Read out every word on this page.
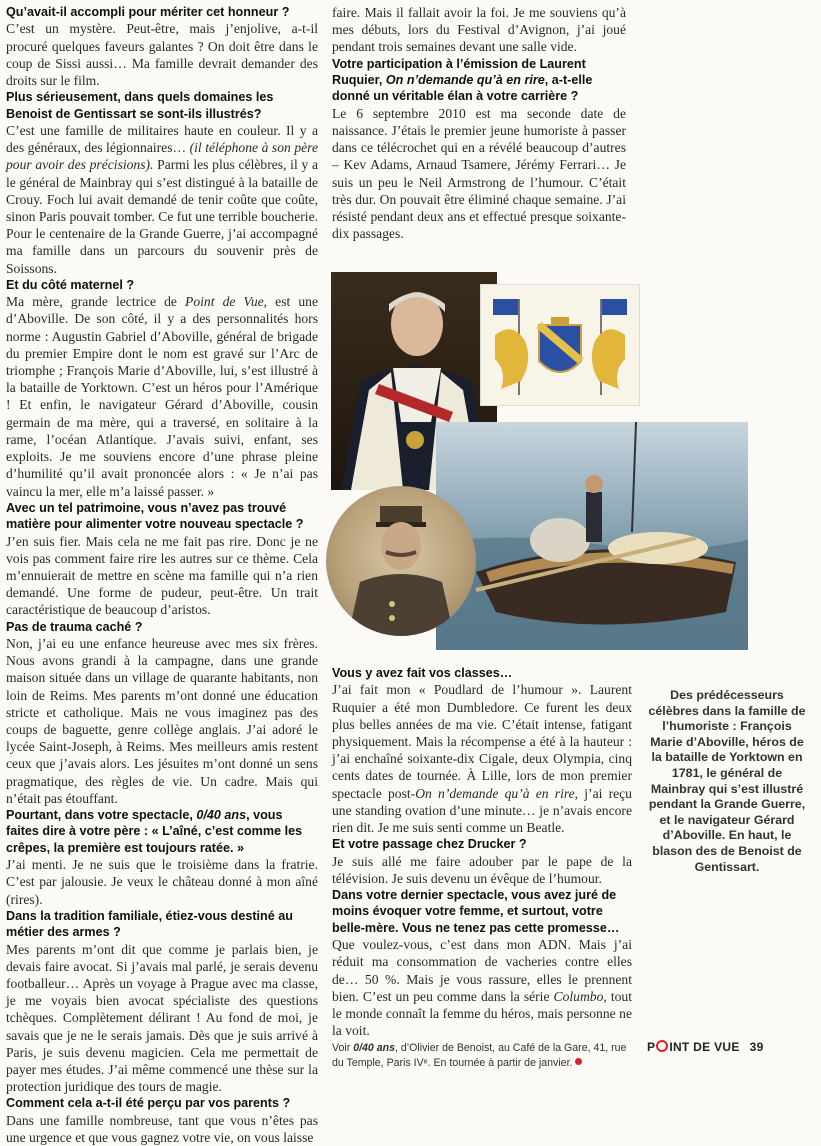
Qu’avait-il accompli pour mériter cet honneur ?

C’est un mystère. Peut-être, mais j’enjolive, a-t-il procuré quelques faveurs galantes ? On doit être dans le coup de Sissi aussi… Ma famille devrait demander des droits sur le film.

Plus sérieusement, dans quels domaines les Benoist de Gentissart se sont-ils illustrés?

C’est une famille de militaires haute en couleur. Il y a des généraux, des légionnaires… (il téléphone à son père pour avoir des précisions). Parmi les plus célèbres, il y a le général de Mainbray qui s’est distingué à la bataille de Crouy. Foch lui avait demandé de tenir coûte que coûte, sinon Paris pouvait tomber. Ce fut une terrible boucherie. Pour le centenaire de la Grande Guerre, j’ai accompagné ma famille dans un parcours du souvenir près de Soissons.

Et du côté maternel ?

Ma mère, grande lectrice de Point de Vue, est une d’Aboville. De son côté, il y a des personnalités hors norme : Augustin Gabriel d’Aboville, général de brigade du premier Empire dont le nom est gravé sur l’Arc de triomphe ; François Marie d’Aboville, lui, s’est illustré à la bataille de Yorktown. C’est un héros pour l’Amérique ! Et enfin, le navigateur Gérard d’Aboville, cousin germain de ma mère, qui a traversé, en solitaire à la rame, l’océan Atlantique. J’avais suivi, enfant, ses exploits. Je me souviens encore d’une phrase pleine d’humilité qu’il avait prononcée alors : « Je n’ai pas vaincu la mer, elle m’a laissé passer. »

Avec un tel patrimoine, vous n’avez pas trouvé matière pour alimenter votre nouveau spectacle ?

J’en suis fier. Mais cela ne me fait pas rire. Donc je ne vois pas comment faire rire les autres sur ce thème. Cela m’ennuierait de mettre en scène ma famille qui n’a rien demandé. Une forme de pudeur, peut-être. Un trait caractéristique de beaucoup d’aristos.

Pas de trauma caché ?

Non, j’ai eu une enfance heureuse avec mes six frères. Nous avons grandi à la campagne, dans une grande maison située dans un village de quarante habitants, non loin de Reims. Mes parents m’ont donné une éducation stricte et catholique. Mais ne vous imaginez pas des coups de baguette, genre collège anglais. J’ai adoré le lycée Saint-Joseph, à Reims. Mes meilleurs amis restent ceux que j’avais alors. Les jésuites m’ont donné un sens pragmatique, des règles de vie. Un cadre. Mais qui n’était pas étouffant.

Pourtant, dans votre spectacle, 0/40 ans, vous faites dire à votre père : « L’aîné, c’est comme les crêpes, la première est toujours ratée. »

J’ai menti. Je ne suis que le troisième dans la fratrie. C’est par jalousie. Je veux le château donné à mon aîné (rires).

Dans la tradition familiale, étiez-vous destiné au métier des armes ?

Mes parents m’ont dit que comme je parlais bien, je devais faire avocat. Si j’avais mal parlé, je serais devenu footballeur… Après un voyage à Prague avec ma classe, je me voyais bien avocat spécialiste des questions tchèques. Complètement délirant ! Au fond de moi, je savais que je ne le serais jamais. Dès que je suis arrivé à Paris, je suis devenu magicien. Cela me permettait de payer mes études. J’ai même commencé une thèse sur la protection juridique des tours de magie.

Comment cela a-t-il été perçu par vos parents ?

Dans une famille nombreuse, tant que vous n’êtes pas une urgence et que vous gagnez votre vie, on vous laisse

faire. Mais il fallait avoir la foi. Je me souviens qu’à mes débuts, lors du Festival d’Avignon, j’ai joué pendant trois semaines devant une salle vide.

Votre participation à l’émission de Laurent Ruquier, On n’demande qu’à en rire, a-t-elle donné un véritable élan à votre carrière ?

Le 6 septembre 2010 est ma seconde date de naissance. J’étais le premier jeune humoriste à passer dans ce télécrochet qui en a révélé beaucoup d’autres – Kev Adams, Arnaud Tsamere, Jérémy Ferrari… Je suis un peu le Neil Armstrong de l’humour. C’était très dur. On pouvait être éliminé chaque semaine. J’ai résisté pendant deux ans et effectué presque soixante-dix passages.

Vous y avez fait vos classes…

J’ai fait mon « Poudlard de l’humour ». Laurent Ruquier a été mon Dumbledore. Ce furent les deux plus belles années de ma vie. C’était intense, fatigant physiquement. Mais la récompense a été à la hauteur : j’ai enchaîné soixante-dix Cigale, deux Olympia, cinq cents dates de tournée. À Lille, lors de mon premier spectacle post-On n’demande qu’à en rire, j’ai reçu une standing ovation d’une minute… je n’avais encore rien dit. Je me suis senti comme un Beatle.

Et votre passage chez Drucker ?

Je suis allé me faire adouber par le pape de la télévision. Je suis devenu un évêque de l’humour.

Dans votre dernier spectacle, vous avez juré de moins évoquer votre femme, et surtout, votre belle-mère. Vous ne tenez pas cette promesse…

Que voulez-vous, c’est dans mon ADN. Mais j’ai réduit ma consommation de vacheries contre elles de… 50 %. Mais je vous rassure, elles le prennent bien. C’est un peu comme dans la série Columbo, tout le monde connaît la femme du héros, mais personne ne la voit.

Voir 0/40 ans, d’Olivier de Benoist, au Café de la Gare, 41, rue du Temple, Paris IVᵉ. En tournée à partir de janvier.
Des prédécesseurs célèbres dans la famille de l’humoriste : François Marie d’Aboville, héros de la bataille de Yorktown en 1781, le général de Mainbray qui s’est illustré pendant la Grande Guerre, et le navigateur Gérard d’Aboville. En haut, le blason des de Benoist de Gentissart.
P INT DE VUE 39
